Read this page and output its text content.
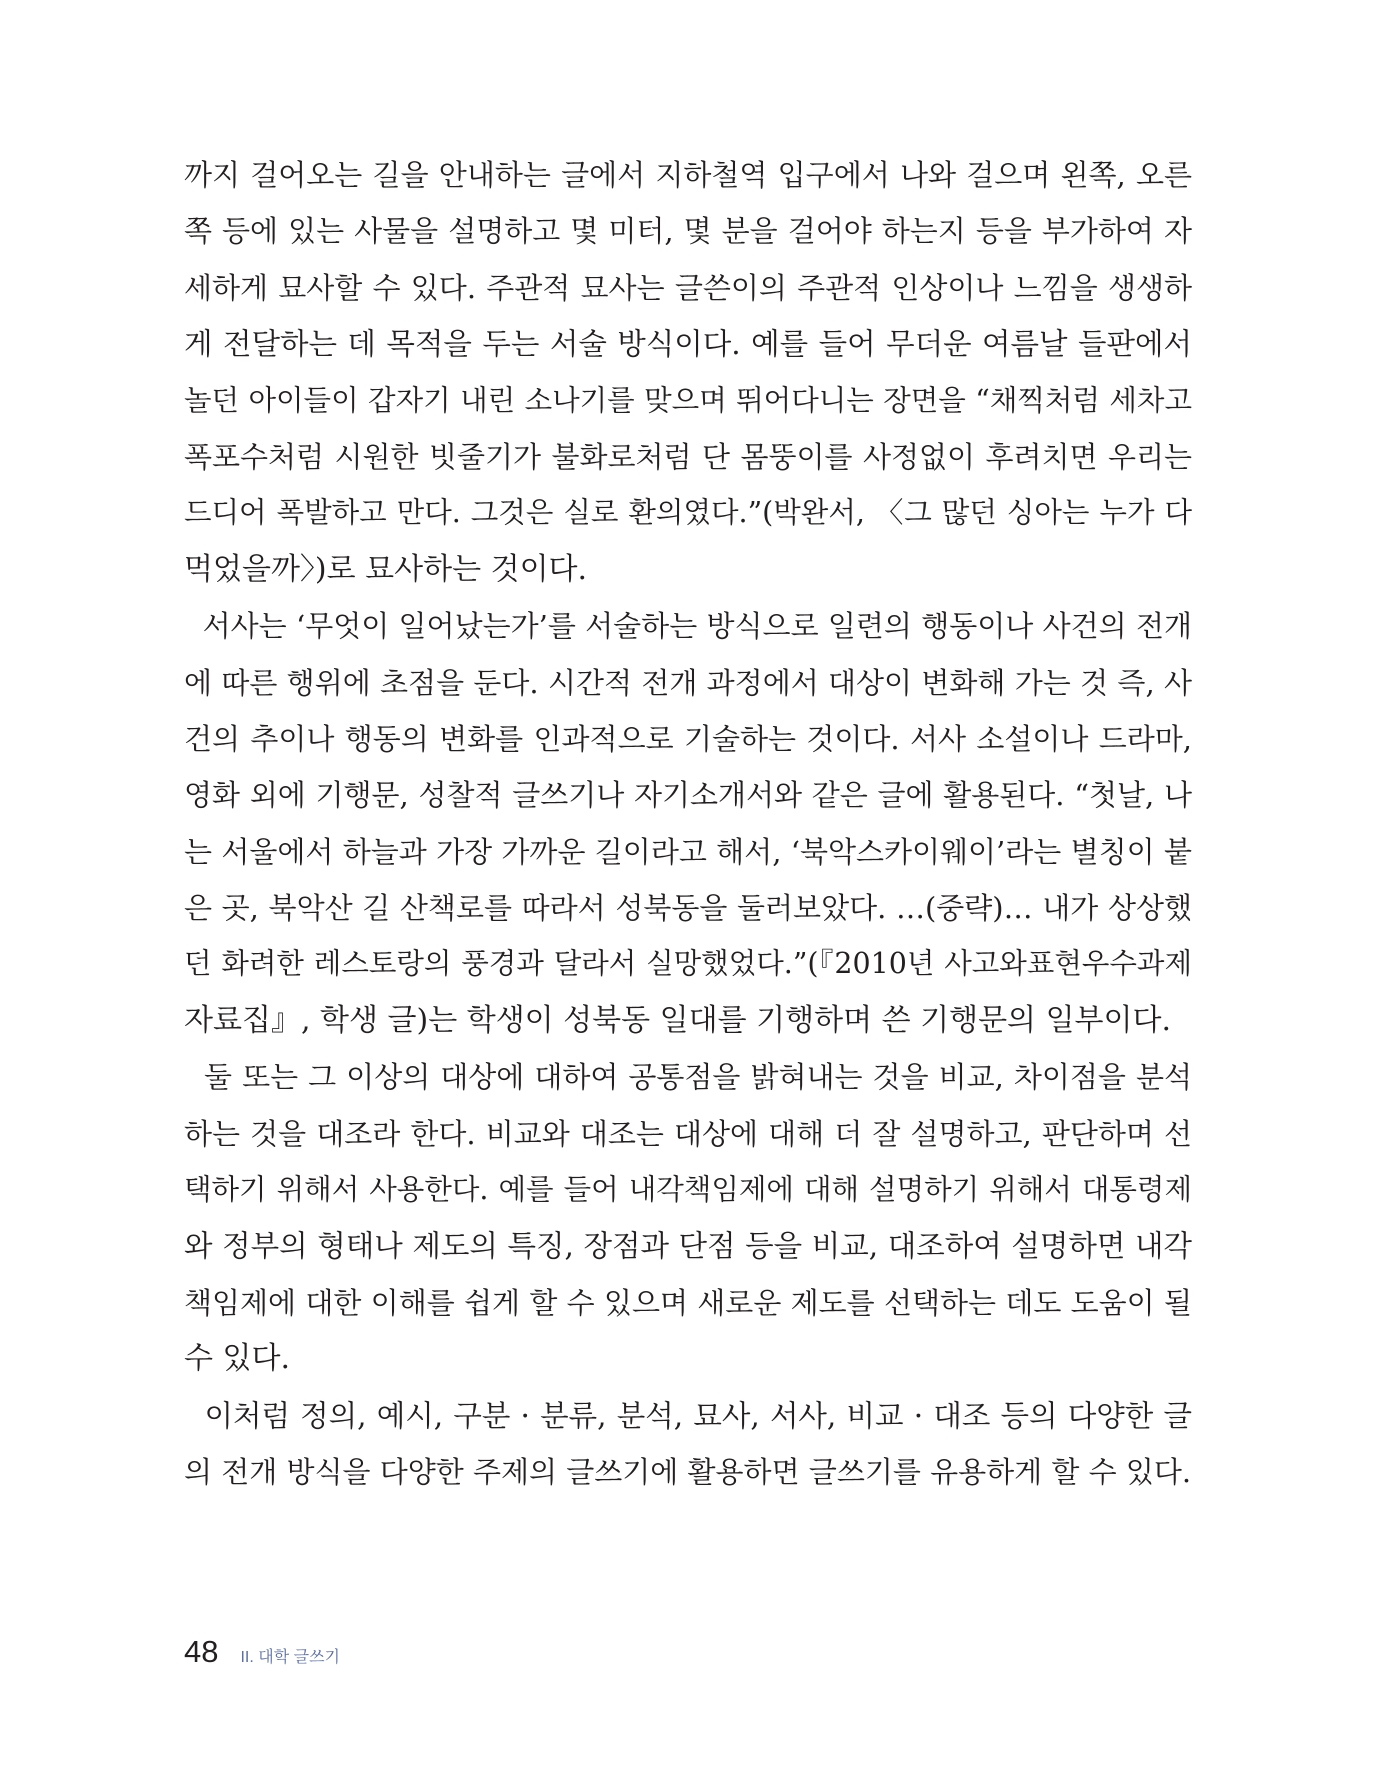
까지 걸어오는 길을 안내하는 글에서 지하철역 입구에서 나와 걸으며 왼쪽, 오른
쪽 등에 있는 사물을 설명하고 몇 미터, 몇 분을 걸어야 하는지 등을 부가하여 자
세하게 묘사할 수 있다. 주관적 묘사는 글쓴이의 주관적 인상이나 느낌을 생생하
게 전달하는 데 목적을 두는 서술 방식이다. 예를 들어 무더운 여름날 들판에서
놀던 아이들이 갑자기 내린 소나기를 맞으며 뛰어다니는 장면을 “채찍처럼 세차고
폭포수처럼 시원한 빗줄기가 불화로처럼 단 몸뚱이를 사정없이 후려치면 우리는
드디어 폭발하고 만다. 그것은 실로 환의였다.”(박완서, 〈그 많던 싱아는 누가 다
먹었을까〉)로 묘사하는 것이다.
서사는 ‘무엇이 일어났는가’를 서술하는 방식으로 일련의 행동이나 사건의 전개
에 따른 행위에 초점을 둔다. 시간적 전개 과정에서 대상이 변화해 가는 것 즉, 사
건의 추이나 행동의 변화를 인과적으로 기술하는 것이다. 서사 소설이나 드라마,
영화 외에 기행문, 성찰적 글쓰기나 자기소개서와 같은 글에 활용된다. “첫날, 나
는 서울에서 하늘과 가장 가까운 길이라고 해서, ‘북악스카이웨이’라는 별칭이 붙
은 곳, 북악산 길 산책로를 따라서 성북동을 둘러보았다. …(중략)… 내가 상상했
던 화려한 레스토랑의 풍경과 달라서 실망했었다.”(『2010년 사고와표현우수과제
자료집』, 학생 글)는 학생이 성북동 일대를 기행하며 쓴 기행문의 일부이다.
둘 또는 그 이상의 대상에 대하여 공통점을 밝혀내는 것을 비교, 차이점을 분석
하는 것을 대조라 한다. 비교와 대조는 대상에 대해 더 잘 설명하고, 판단하며 선
택하기 위해서 사용한다. 예를 들어 내각책임제에 대해 설명하기 위해서 대통령제
와 정부의 형태나 제도의 특징, 장점과 단점 등을 비교, 대조하여 설명하면 내각
책임제에 대한 이해를 쉽게 할 수 있으며 새로운 제도를 선택하는 데도 도움이 될
수 있다.
이처럼 정의, 예시, 구분 · 분류, 분석, 묘사, 서사, 비교 · 대조 등의 다양한 글
의 전개 방식을 다양한 주제의 글쓰기에 활용하면 글쓰기를 유용하게 할 수 있다.
48 II. 대학 글쓰기
